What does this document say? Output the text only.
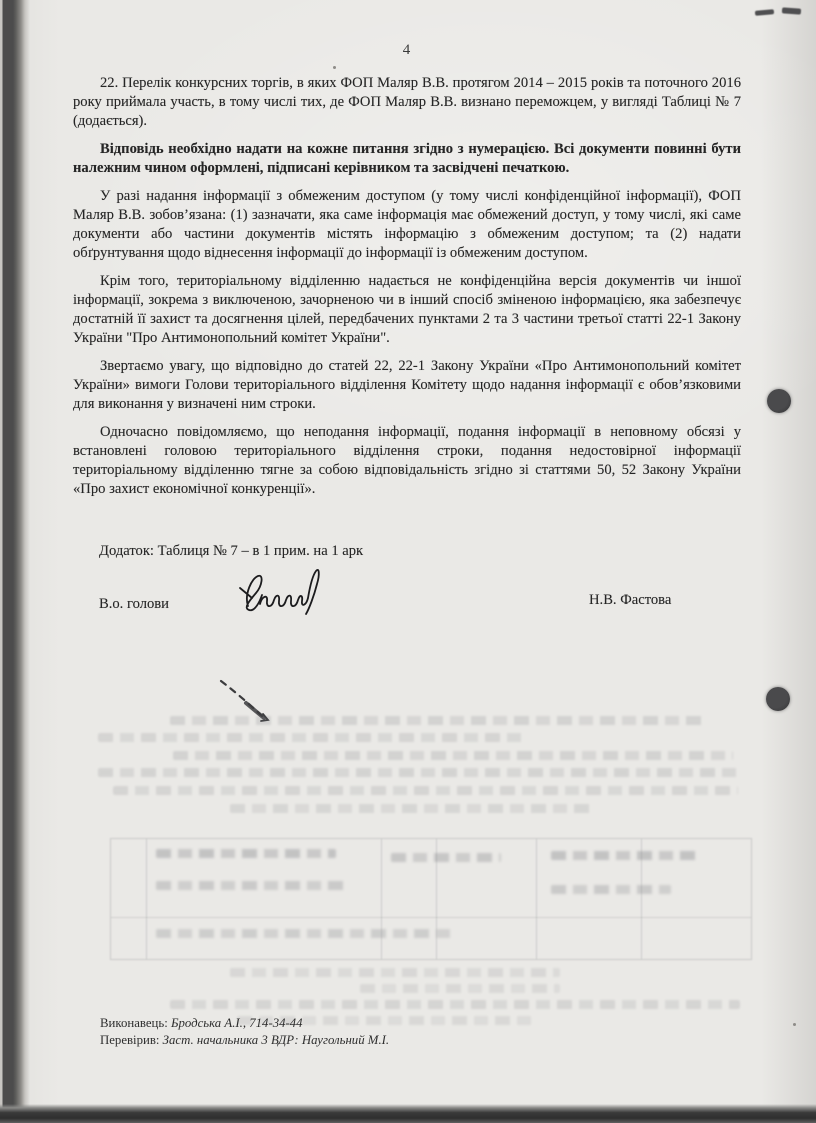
4

22. Перелік конкурсних торгів, в яких ФОП Маляр В.В. протягом 2014 – 2015 років та поточного 2016 року приймала участь, в тому числі тих, де ФОП Маляр В.В. визнано переможцем, у вигляді Таблиці № 7 (додається).

Відповідь необхідно надати на кожне питання згідно з нумерацією. Всі документи повинні бути належним чином оформлені, підписані керівником та засвідчені печаткою.

У разі надання інформації з обмеженим доступом (у тому числі конфіденційної інформації), ФОП Маляр В.В. зобов’язана: (1) зазначати, яка саме інформація має обмежений доступ, у тому числі, які саме документи або частини документів містять інформацію з обмеженим доступом; та (2) надати обґрунтування щодо віднесення інформації до інформації із обмеженим доступом.

Крім того, територіальному відділенню надається не конфіденційна версія документів чи іншої інформації, зокрема з виключеною, зачорненою чи в інший спосіб зміненою інформацією, яка забезпечує достатній її захист та досягнення цілей, передбачених пунктами 2 та 3 частини третьої статті 22-1 Закону України "Про Антимонопольний комітет України".

Звертаємо увагу, що відповідно до статей 22, 22-1 Закону України «Про Антимонопольний комітет України» вимоги Голови територіального відділення Комітету щодо надання інформації є обов’язковими для виконання у визначені ним строки.

Одночасно повідомляємо, що неподання інформації, подання інформації в неповному обсязі у встановлені головою територіального відділення строки, подання недостовірної інформації територіальному відділенню тягне за собою відповідальність згідно зі статтями 50, 52 Закону України «Про захист економічної конкуренції».

Додаток: Таблиця № 7 – в 1 прим. на 1 арк
В.о. голови	Н.В. Фастова
Виконавець: Бродська А.І., 714-34-44
Перевірив: Заст. начальника 3 ВДР: Наугольний М.І.
